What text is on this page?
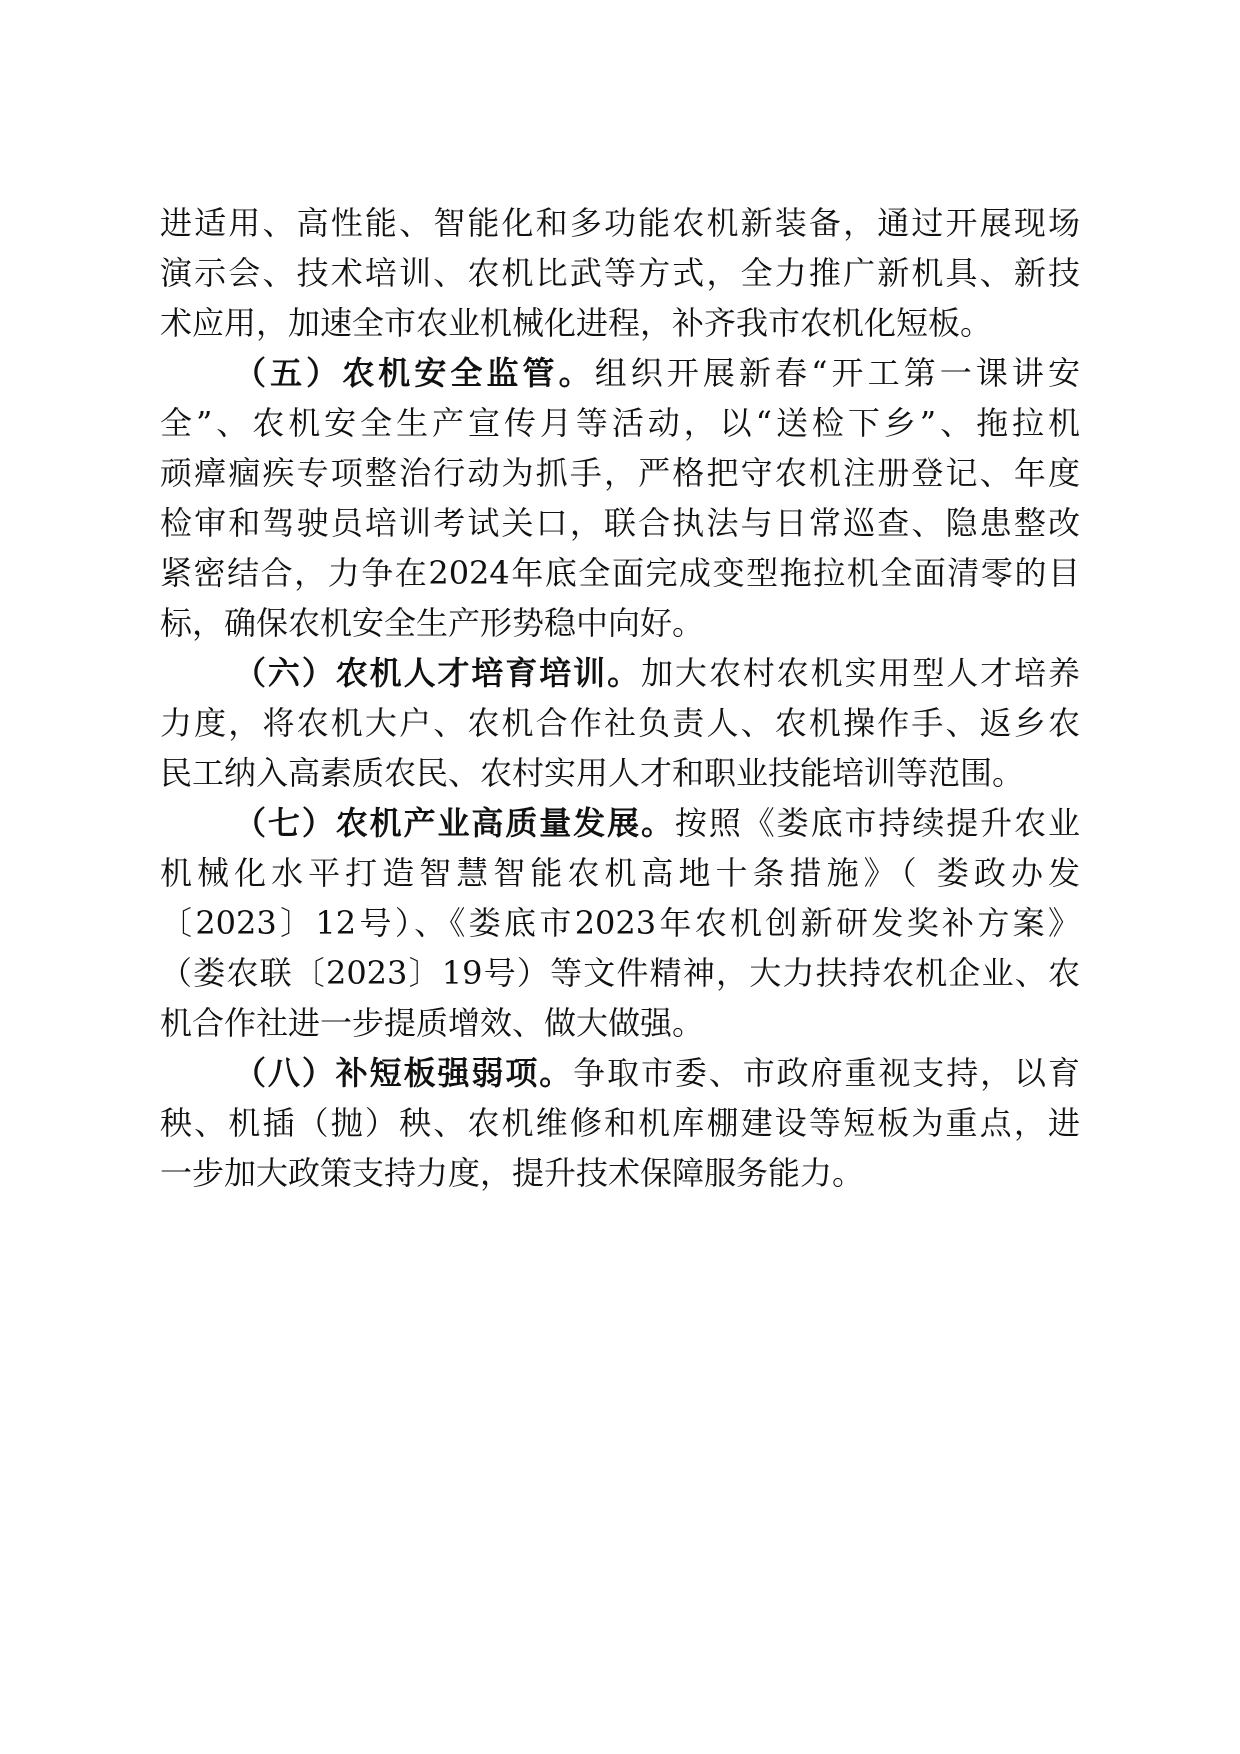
进适用、高性能、智能化和多功能农机新装备，通过开展现场
演示会、技术培训、农机比武等方式，全力推广新机具、新技
术应用，加速全市农业机械化进程，补齐我市农机化短板。
（五）农机安全监管。组织开展新春“开工第一课讲安
全”、农机安全生产宣传月等活动，以“送检下乡”、拖拉机
顽瘴痼疾专项整治行动为抓手，严格把守农机注册登记、年度
检审和驾驶员培训考试关口，联合执法与日常巡查、隐患整改
紧密结合，力争在2024年底全面完成变型拖拉机全面清零的目
标，确保农机安全生产形势稳中向好。
（六）农机人才培育培训。加大农村农机实用型人才培养
力度，将农机大户、农机合作社负责人、农机操作手、返乡农
民工纳入高素质农民、农村实用人才和职业技能培训等范围。
（七）农机产业高质量发展。按照《娄底市持续提升农业
机械化水平打造智慧智能农机高地十条措施》（ 娄政办发
〔2023〕12号）、《娄底市2023年农机创新研发奖补方案》
（娄农联〔2023〕19号）等文件精神，大力扶持农机企业、农
机合作社进一步提质增效、做大做强。
（八）补短板强弱项。争取市委、市政府重视支持，以育
秧、机插（抛）秧、农机维修和机库棚建设等短板为重点，进
一步加大政策支持力度，提升技术保障服务能力。
